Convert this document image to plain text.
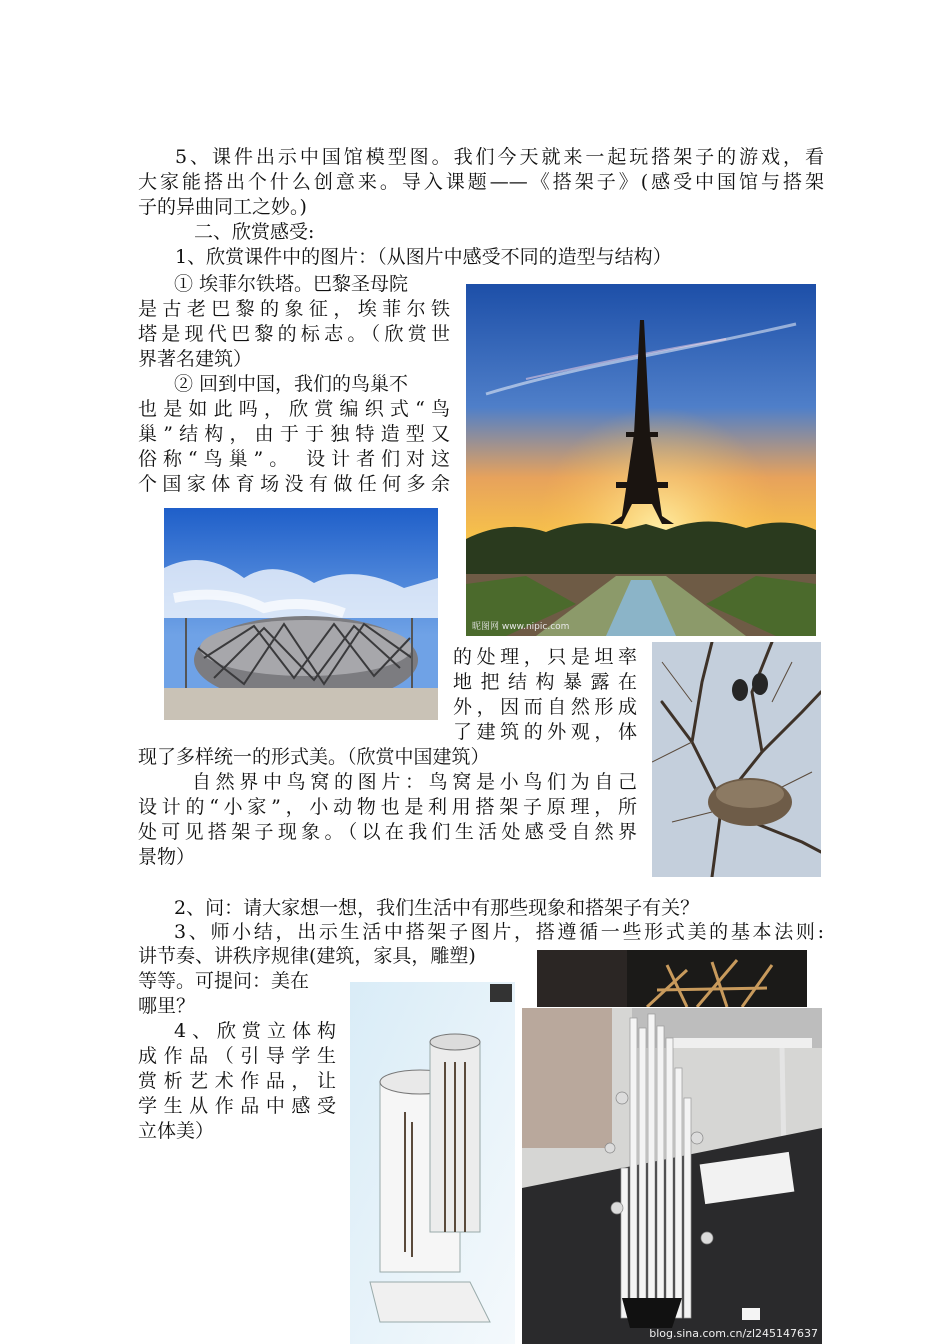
5、课件出示中国馆模型图。我们今天就来一起玩搭架子的游戏，看

大家能搭出个什么创意来。导入课题——《搭架子》(感受中国馆与搭架

子的异曲同工之妙。)

二、欣赏感受:

1、欣赏课件中的图片：（从图片中感受不同的造型与结构）

① 埃菲尔铁塔。巴黎圣母院

是古老巴黎的象征，埃菲尔铁

塔是现代巴黎的标志。（欣赏世

界著名建筑）

② 回到中国，我们的鸟巢不

也是如此吗，欣赏编织式“鸟

巢”结构，由于于独特造型又

俗称“鸟巢”。 设计者们对这

个国家体育场没有做任何多余

的处理，只是坦率

地把结构暴露在

外，因而自然形成

了建筑的外观，体

现了多样统一的形式美。（欣赏中国建筑）

自然界中鸟窝的图片：鸟窝是小鸟们为自己

设计的“小家”，小动物也是利用搭架子原理，所

处可见搭架子现象。（以在我们生活处感受自然界

景物）

2、问：请大家想一想，我们生活中有那些现象和搭架子有关？

3、师小结，出示生活中搭架子图片，搭遵循一些形式美的基本法则:

讲节奏、讲秩序规律(建筑，家具，雕塑)

等等。可提问：美在

哪里？

4、欣赏立体构

成作品（引导学生

赏析艺术作品，让

学生从作品中感受

立体美）

昵图网 www.nipic.com
blog.sina.com.cn/zl245147637
